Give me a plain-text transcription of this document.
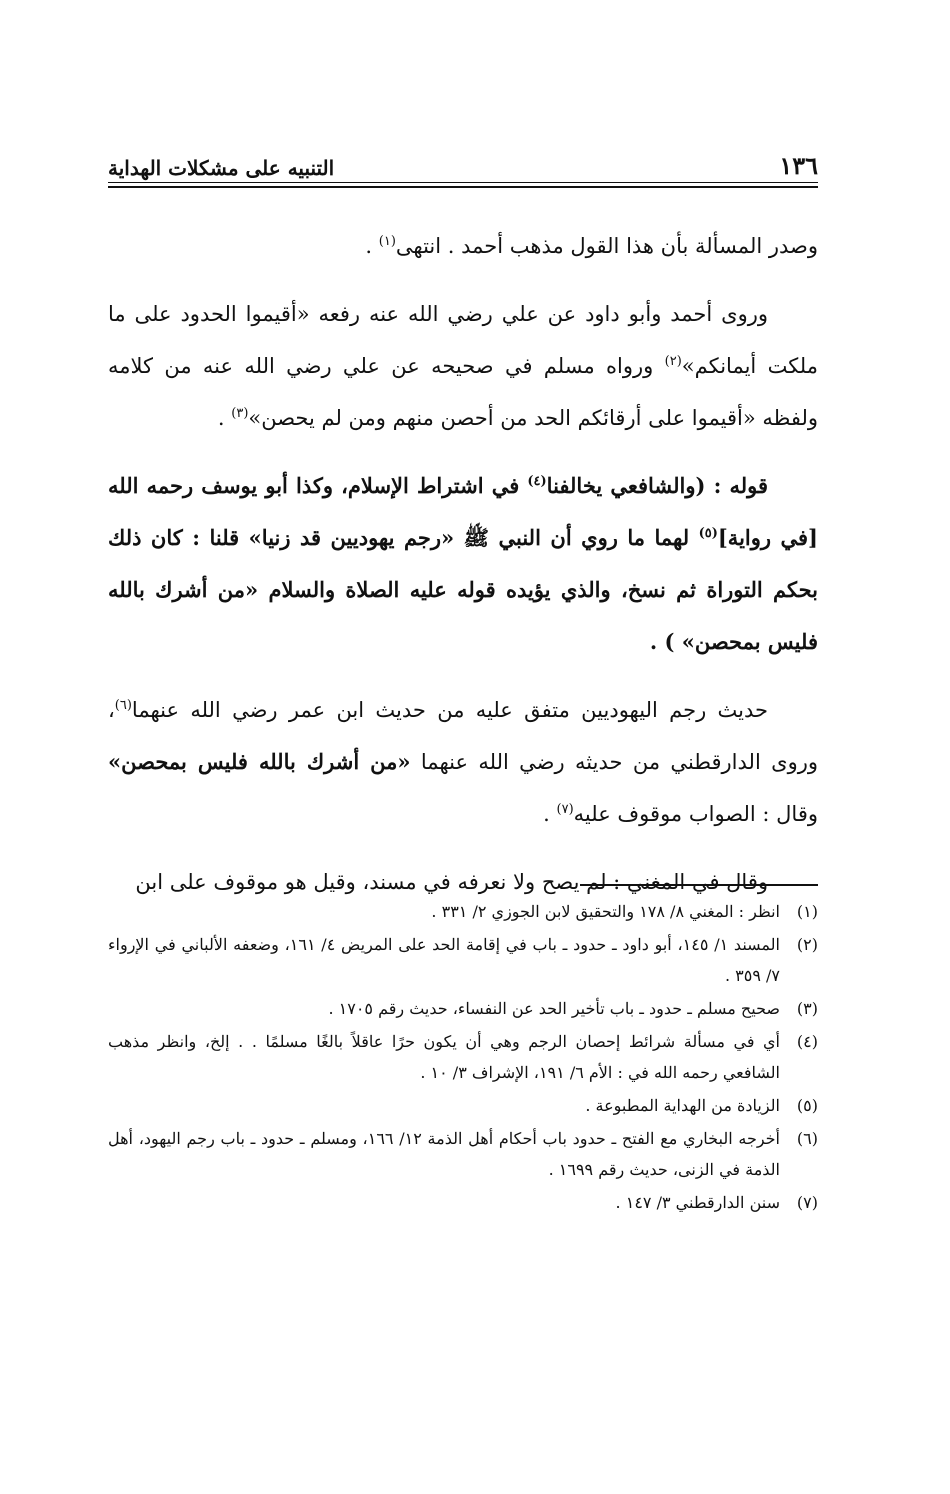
١٣٦
التنبيه على مشكلات الهداية

وصدر المسألة بأن هذا القول مذهب أحمد . انتهى$^{(١)}$ .

وروى أحمد وأبو داود عن علي رضي الله عنه رفعه «أقيموا الحدود على ما ملكت أيمانكم»$^{(٢)}$ ورواه مسلم في صحيحه عن علي رضي الله عنه من كلامه ولفظه «أقيموا على أرقائكم الحد من أحصن منهم ومن لم يحصن»$^{(٣)}$ .

قوله : (والشافعي يخالفنا$^{(٤)}$ في اشتراط الإسلام، وكذا أبو يوسف رحمه الله [في رواية]$^{(٥)}$ لهما ما روي أن النبي ﷺ «رجم يهوديين قد زنيا» قلنا : كان ذلك بحكم التوراة ثم نسخ، والذي يؤيده قوله عليه الصلاة والسلام «من أشرك بالله فليس بمحصن» ) .

حديث رجم اليهوديين متفق عليه من حديث ابن عمر رضي الله عنهما$^{(٦)}$، وروى الدارقطني من حديثه رضي الله عنهما «من أشرك بالله فليس بمحصن» وقال : الصواب موقوف عليه$^{(٧)}$ .

وقال في المغني : لم يصح ولا نعرفه في مسند، وقيل هو موقوف على ابن

(١)
انظر : المغني ٨/ ١٧٨ والتحقيق لابن الجوزي ٢/ ٣٣١ .
(٢)
المسند ١/ ١٤٥، أبو داود ـ حدود ـ باب في إقامة الحد على المريض ٤/ ١٦١، وضعفه الألباني في الإرواء ٧/ ٣٥٩ .
(٣)
صحيح مسلم ـ حدود ـ باب تأخير الحد عن النفساء، حديث رقم ١٧٠٥ .
(٤)
أي في مسألة شرائط إحصان الرجم وهي أن يكون حرًا عاقلاً بالغًا مسلمًا . . إلخ، وانظر مذهب الشافعي رحمه الله في : الأم ٦/ ١٩١، الإشراف ٣/ ١٠ .
(٥)
الزيادة من الهداية المطبوعة .
(٦)
أخرجه البخاري مع الفتح ـ حدود باب أحكام أهل الذمة ١٢/ ١٦٦، ومسلم ـ حدود ـ باب رجم اليهود، أهل الذمة في الزنى، حديث رقم ١٦٩٩ .
(٧)
سنن الدارقطني ٣/ ١٤٧ .
